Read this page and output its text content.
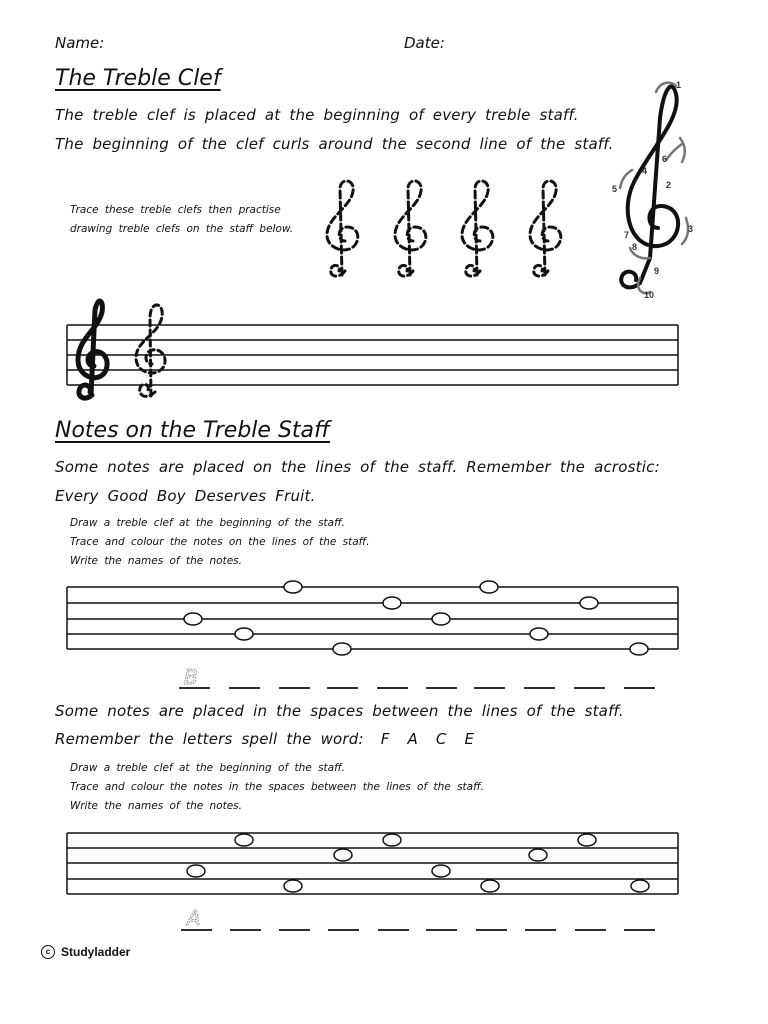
Name:	Date:
The Treble Clef
The treble clef is placed at the beginning of every treble staff.
The beginning of the clef curls around the second line of the staff.
Trace these treble clefs then practise
drawing treble clefs on the staff below.
1
2
3
4
5
6
7
8
9
10
Notes on the Treble Staff
Some notes are placed on the lines of the staff. Remember the acrostic:
Every Good Boy Deserves Fruit.
Draw a treble clef at the beginning of the staff.
Trace and colour the notes on the lines of the staff.
Write the names of the notes.
B
Some notes are placed in the spaces between the lines of the staff.
Remember the letters spell the word: F  A  C  E
Draw a treble clef at the beginning of the staff.
Trace and colour the notes in the spaces between the lines of the staff.
Write the names of the notes.
A
c Studyladder
